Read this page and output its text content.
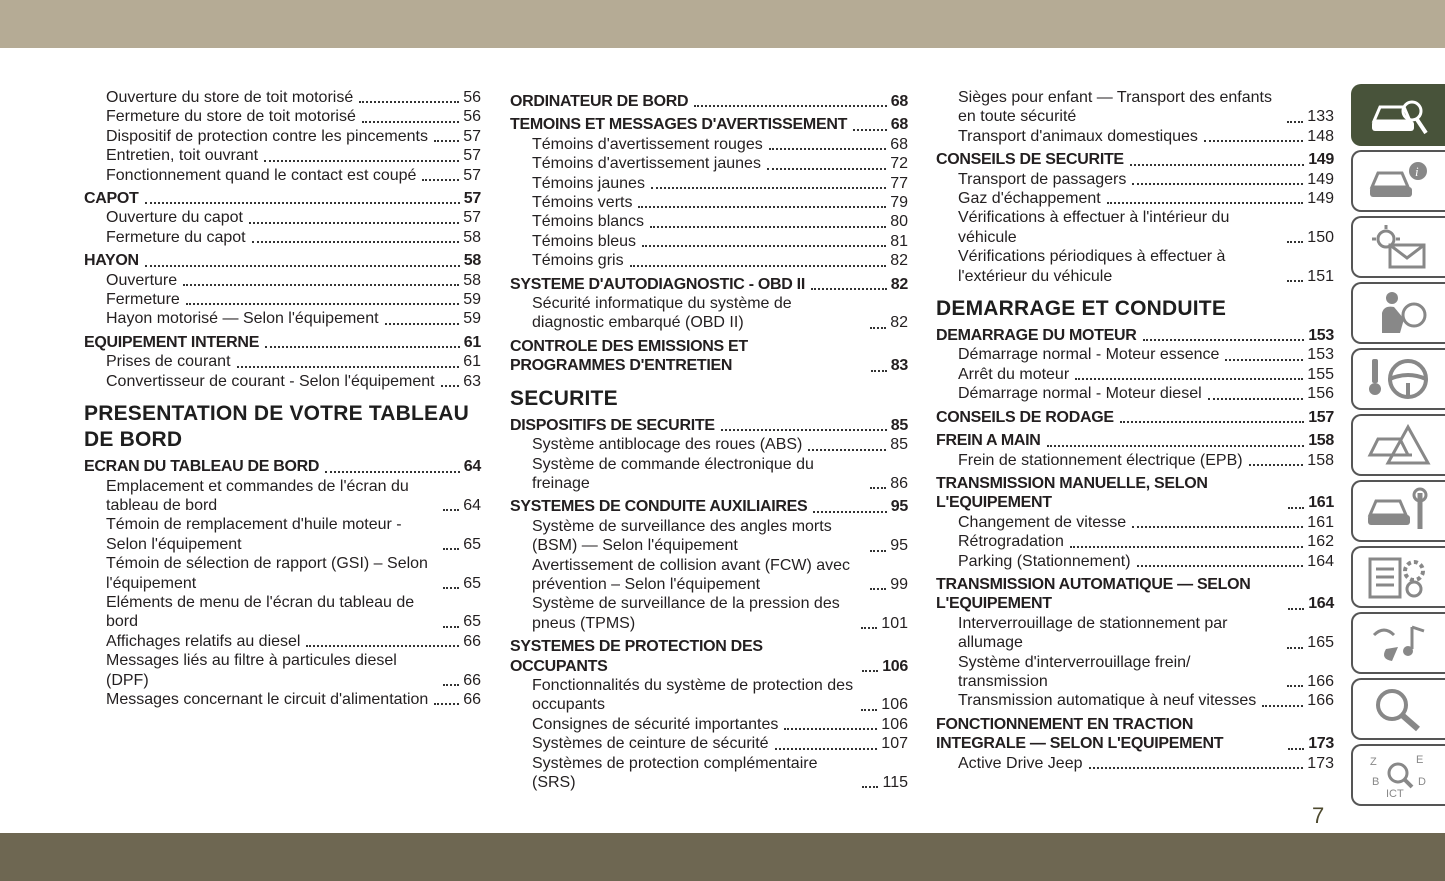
Ouverture du store de toit motorisé	56
Fermeture du store de toit motorisé	56
Dispositif de protection contre les pincements 57
Entretien, toit ouvrant	57
Fonctionnement quand le contact est coupé	57
CAPOT	57
Ouverture du capot	57
Fermeture du capot	58
HAYON	58
Ouverture	58
Fermeture	59
Hayon motorisé — Selon l'équipement	59
EQUIPEMENT INTERNE	61
Prises de courant	61
Convertisseur de courant - Selon l'équipement 63
PRESENTATION DE VOTRE TABLEAU DE BORD
ECRAN DU TABLEAU DE BORD	64
Emplacement et commandes de l'écran du tableau de bord	64
Témoin de remplacement d'huile moteur - Selon l'équipement	65
Témoin de sélection de rapport (GSI) – Selon l'équipement	65
Eléments de menu de l'écran du tableau de bord	65
Affichages relatifs au diesel	66
Messages liés au filtre à particules diesel (DPF)	66
Messages concernant le circuit d'alimentation 66
ORDINATEUR DE BORD	68
TEMOINS ET MESSAGES D'AVERTISSEMENT	68
Témoins d'avertissement rouges	68
Témoins d'avertissement jaunes	72
Témoins jaunes	77
Témoins verts	79
Témoins blancs	80
Témoins bleus	81
Témoins gris	82
SYSTEME D'AUTODIAGNOSTIC - OBD II	82
Sécurité informatique du système de diagnostic embarqué (OBD II)	82
CONTROLE DES EMISSIONS ET PROGRAMMES D'ENTRETIEN	83
SECURITE
DISPOSITIFS DE SECURITE	85
Système antiblocage des roues (ABS)	85
Système de commande électronique du freinage	86
SYSTEMES DE CONDUITE AUXILIAIRES	95
Système de surveillance des angles morts (BSM) — Selon l'équipement	95
Avertissement de collision avant (FCW) avec prévention – Selon l'équipement	99
Système de surveillance de la pression des pneus (TPMS)	101
SYSTEMES DE PROTECTION DES OCCUPANTS	106
Fonctionnalités du système de protection des occupants	106
Consignes de sécurité importantes	106
Systèmes de ceinture de sécurité	107
Systèmes de protection complémentaire (SRS)	115
Sièges pour enfant — Transport des enfants en toute sécurité	133
Transport d'animaux domestiques	148
CONSEILS DE SECURITE	149
Transport de passagers	149
Gaz d'échappement	149
Vérifications à effectuer à l'intérieur du véhicule	150
Vérifications périodiques à effectuer à l'extérieur du véhicule	151
DEMARRAGE ET CONDUITE
DEMARRAGE DU MOTEUR	153
Démarrage normal - Moteur essence	153
Arrêt du moteur	155
Démarrage normal - Moteur diesel	156
CONSEILS DE RODAGE	157
FREIN A MAIN	158
Frein de stationnement électrique (EPB)	158
TRANSMISSION MANUELLE, SELON L'EQUIPEMENT	161
Changement de vitesse	161
Rétrogradation	162
Parking (Stationnement)	164
TRANSMISSION AUTOMATIQUE — SELON L'EQUIPEMENT	164
Interverrouillage de stationnement par allumage	165
Système d'interverrouillage frein/ transmission	166
Transmission automatique à neuf vitesses	166
FONCTIONNEMENT EN TRACTION INTEGRALE — SELON L'EQUIPEMENT	173
Active Drive Jeep	173
i
Z	E
B	D
ICT
7
